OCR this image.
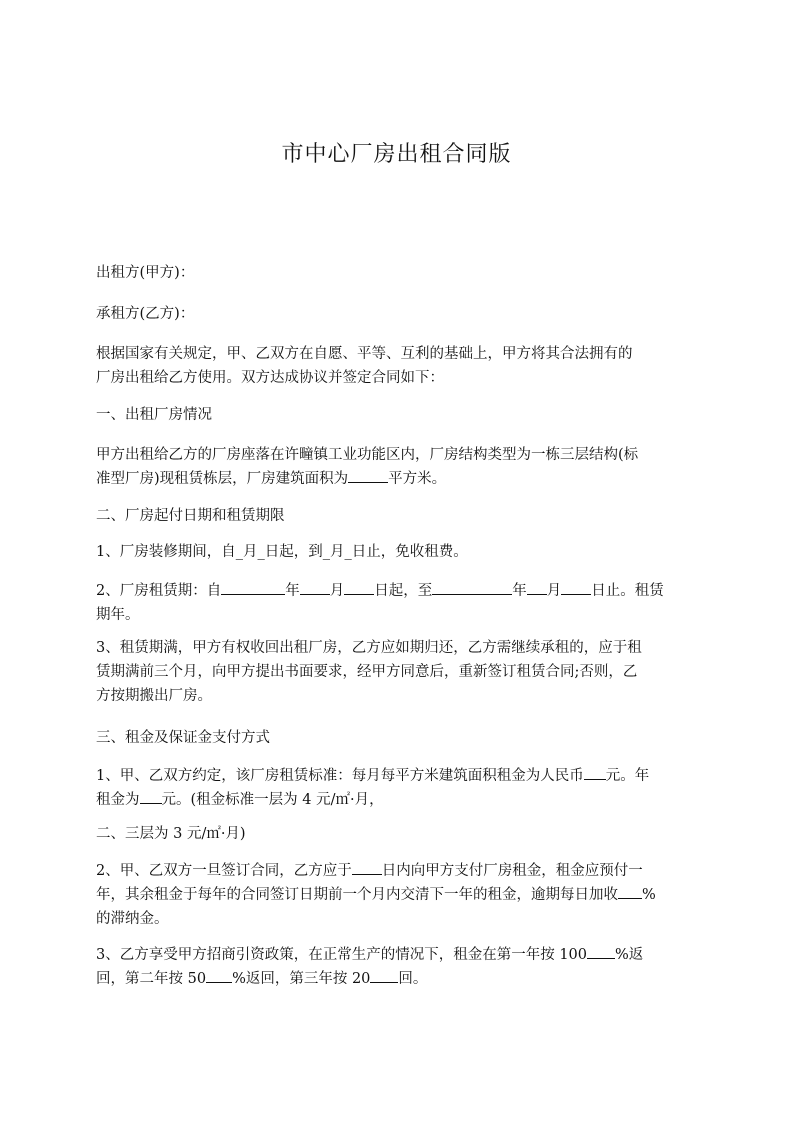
市中心厂房出租合同版
出租方(甲方)：
承租方(乙方)：
根据国家有关规定，甲、乙双方在自愿、平等、互利的基础上，甲方将其合法拥有的
厂房出租给乙方使用。双方达成协议并签定合同如下：
一、出租厂房情况
甲方出租给乙方的厂房座落在许疃镇工业功能区内，厂房结构类型为一栋三层结构(标
准型厂房)现租赁栋层，厂房建筑面积为	平方米。
二、厂房起付日期和租赁期限
1、厂房装修期间，自_月_日起，到_月_日止，免收租费。
2、厂房租赁期：自	年 月 日起，至	年 月 日止。租赁
期年。
3、租赁期满，甲方有权收回出租厂房，乙方应如期归还，乙方需继续承租的，应于租
赁期满前三个月，向甲方提出书面要求，经甲方同意后，重新签订租赁合同;否则，乙
方按期搬出厂房。
三、租金及保证金支付方式
1、甲、乙双方约定，该厂房租赁标准：每月每平方米建筑面积租金为人民币 元。年
租金为 元。(租金标准一层为 4 元/㎡·月，
二、三层为 3 元/㎡·月)
2、甲、乙双方一旦签订合同，乙方应于 日内向甲方支付厂房租金，租金应预付一
年，其余租金于每年的合同签订日期前一个月内交清下一年的租金，逾期每日加收 %
的滞纳金。
3、乙方享受甲方招商引资政策，在正常生产的情况下，租金在第一年按 100 %返
回，第二年按 50 %返回，第三年按 20 回。
